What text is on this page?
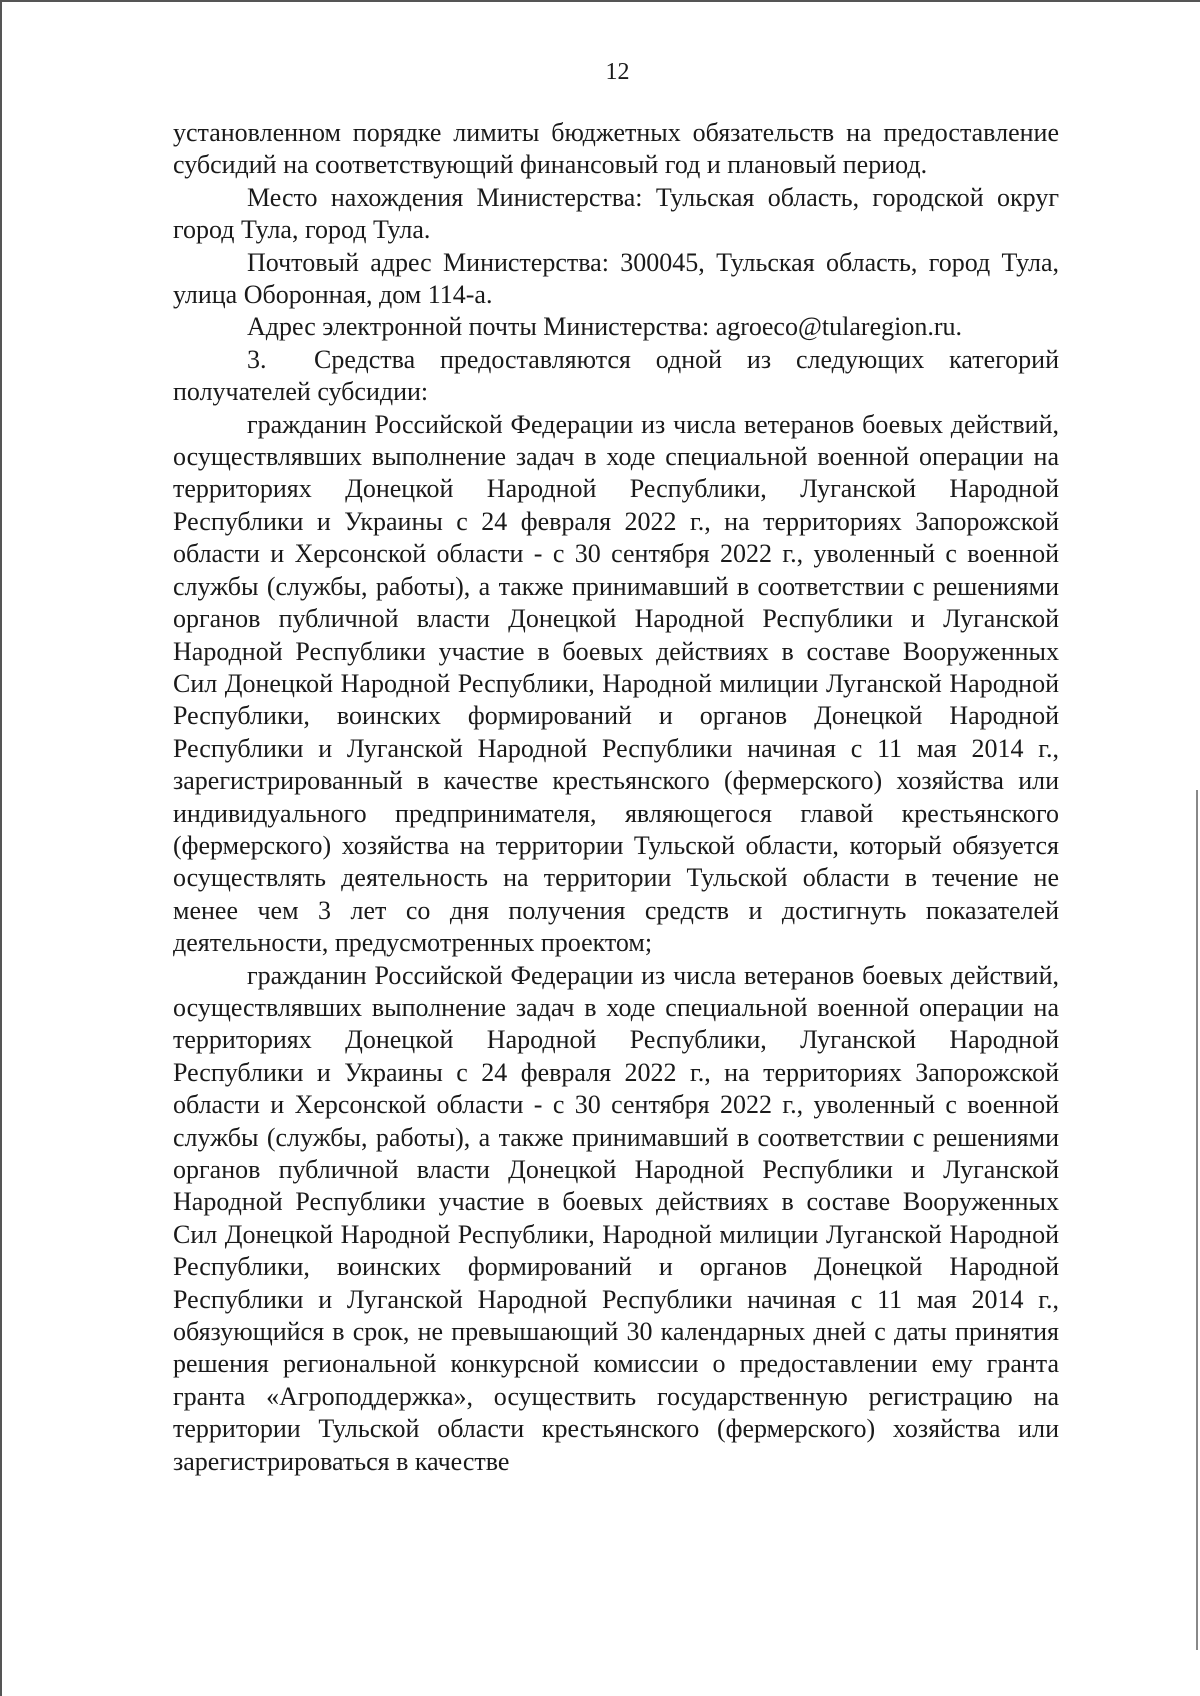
12

установленном порядке лимиты бюджетных обязательств на предоставление субсидий на соответствующий финансовый год и плановый период.

Место нахождения Министерства: Тульская область, городской округ город Тула, город Тула.

Почтовый адрес Министерства: 300045, Тульская область, город Тула, улица Оборонная, дом 114-а.

Адрес электронной почты Министерства: agroeco@tularegion.ru.

3. Средства предоставляются одной из следующих категорий получателей субсидии:

гражданин Российской Федерации из числа ветеранов боевых действий, осуществлявших выполнение задач в ходе специальной военной операции на территориях Донецкой Народной Республики, Луганской Народной Республики и Украины с 24 февраля 2022 г., на территориях Запорожской области и Херсонской области - с 30 сентября 2022 г., уволенный с военной службы (службы, работы), а также принимавший в соответствии с решениями органов публичной власти Донецкой Народной Республики и Луганской Народной Республики участие в боевых действиях в составе Вооруженных Сил Донецкой Народной Республики, Народной милиции Луганской Народной Республики, воинских формирований и органов Донецкой Народной Республики и Луганской Народной Республики начиная с 11 мая 2014 г., зарегистрированный в качестве крестьянского (фермерского) хозяйства или индивидуального предпринимателя, являющегося главой крестьянского (фермерского) хозяйства на территории Тульской области, который обязуется осуществлять деятельность на территории Тульской области в течение не менее чем 3 лет со дня получения средств и достигнуть показателей деятельности, предусмотренных проектом;

гражданин Российской Федерации из числа ветеранов боевых действий, осуществлявших выполнение задач в ходе специальной военной операции на территориях Донецкой Народной Республики, Луганской Народной Республики и Украины с 24 февраля 2022 г., на территориях Запорожской области и Херсонской области - с 30 сентября 2022 г., уволенный с военной службы (службы, работы), а также принимавший в соответствии с решениями органов публичной власти Донецкой Народной Республики и Луганской Народной Республики участие в боевых действиях в составе Вооруженных Сил Донецкой Народной Республики, Народной милиции Луганской Народной Республики, воинских формирований и органов Донецкой Народной Республики и Луганской Народной Республики начиная с 11 мая 2014 г., обязующийся в срок, не превышающий 30 календарных дней с даты принятия решения региональной конкурсной комиссии о предоставлении ему гранта гранта «Агроподдержка», осуществить государственную регистрацию на территории Тульской области крестьянского (фермерского) хозяйства или зарегистрироваться в качестве
